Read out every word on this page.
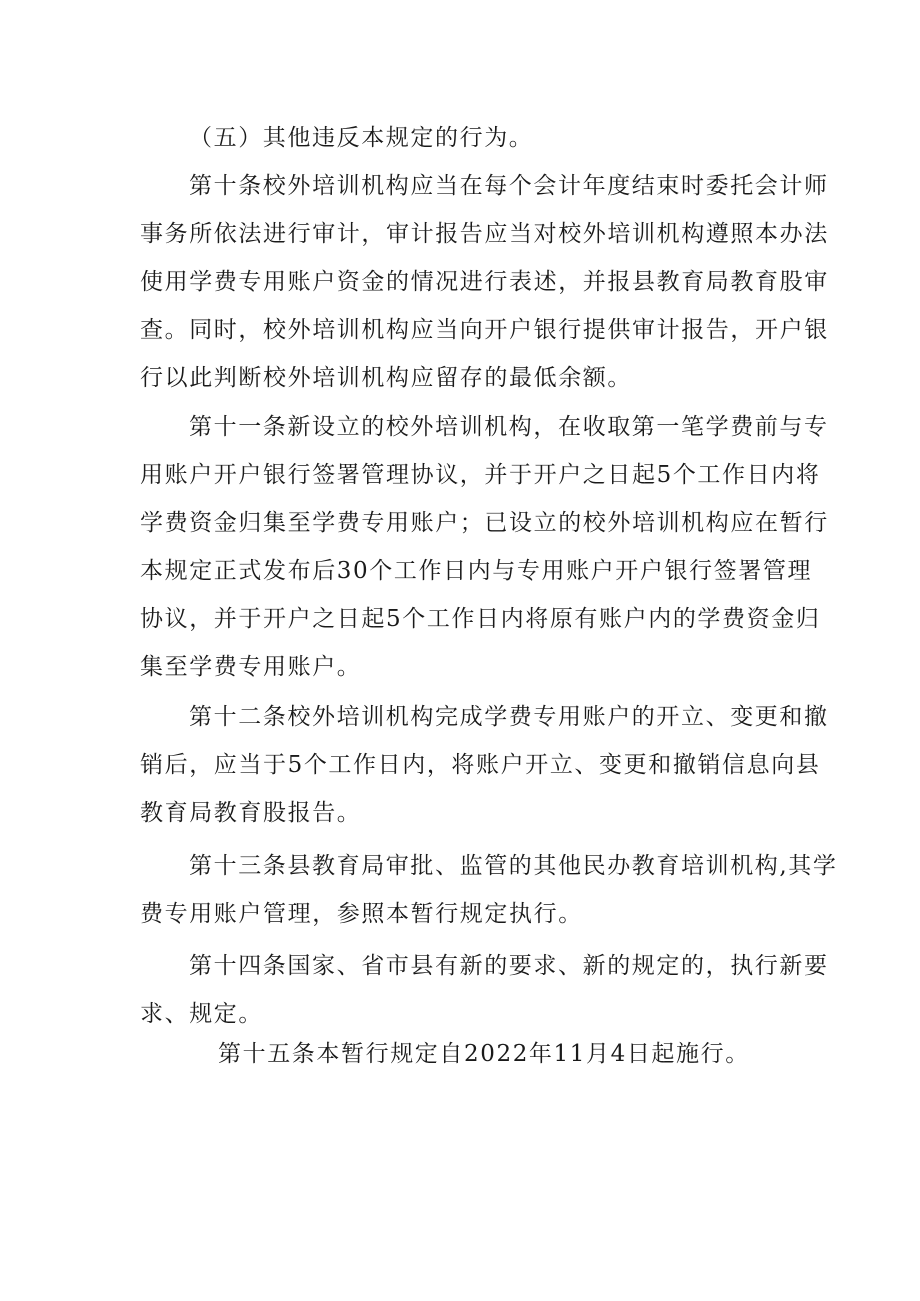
（五）其他违反本规定的行为。
第十条校外培训机构应当在每个会计年度结束时委托会计师
事务所依法进行审计，审计报告应当对校外培训机构遵照本办法
使用学费专用账户资金的情况进行表述，并报县教育局教育股审
查。同时，校外培训机构应当向开户银行提供审计报告，开户银
行以此判断校外培训机构应留存的最低余额。
第十一条新设立的校外培训机构，在收取第一笔学费前与专
用账户开户银行签署管理协议，并于开户之日起5个工作日内将
学费资金归集至学费专用账户；已设立的校外培训机构应在暂行
本规定正式发布后30个工作日内与专用账户开户银行签署管理
协议，并于开户之日起5个工作日内将原有账户内的学费资金归
集至学费专用账户。
第十二条校外培训机构完成学费专用账户的开立、变更和撤
销后，应当于5个工作日内，将账户开立、变更和撤销信息向县
教育局教育股报告。
第十三条县教育局审批、监管的其他民办教育培训机构,其学
费专用账户管理，参照本暂行规定执行。
第十四条国家、省市县有新的要求、新的规定的，执行新要
求、规定。
第十五条本暂行规定自2022年11月4日起施行。
